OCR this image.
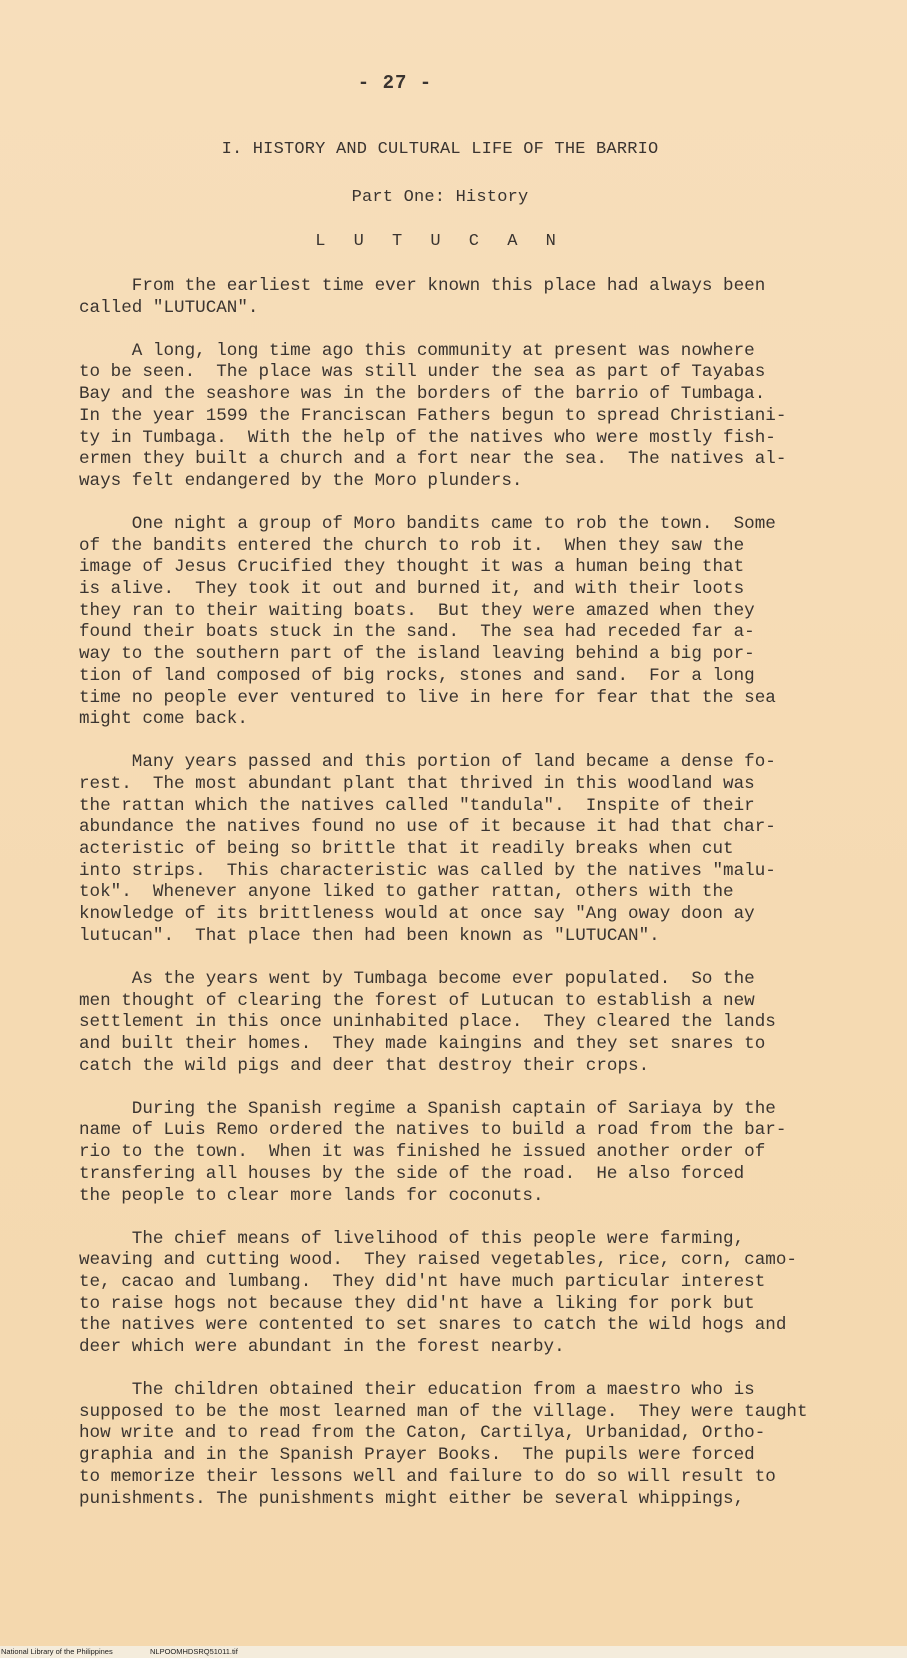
- 27 -
I. HISTORY AND CULTURAL LIFE OF THE BARRIO
Part One: History
L U T U C A N

From the earliest time ever known this place had always been
called "LUTUCAN".

A long, long time ago this community at present was nowhere
to be seen.  The place was still under the sea as part of Tayabas
Bay and the seashore was in the borders of the barrio of Tumbaga.
In the year 1599 the Franciscan Fathers begun to spread Christiani-
ty in Tumbaga.  With the help of the natives who were mostly fish-
ermen they built a church and a fort near the sea.  The natives al-
ways felt endangered by the Moro plunders.

One night a group of Moro bandits came to rob the town.  Some
of the bandits entered the church to rob it.  When they saw the
image of Jesus Crucified they thought it was a human being that
is alive.  They took it out and burned it, and with their loots
they ran to their waiting boats.  But they were amazed when they
found their boats stuck in the sand.  The sea had receded far a-
way to the southern part of the island leaving behind a big por-
tion of land composed of big rocks, stones and sand.  For a long
time no people ever ventured to live in here for fear that the sea
might come back.

Many years passed and this portion of land became a dense fo-
rest.  The most abundant plant that thrived in this woodland was
the rattan which the natives called "tandula".  Inspite of their
abundance the natives found no use of it because it had that char-
acteristic of being so brittle that it readily breaks when cut
into strips.  This characteristic was called by the natives "malu-
tok".  Whenever anyone liked to gather rattan, others with the
knowledge of its brittleness would at once say "Ang oway doon ay
lutucan".  That place then had been known as "LUTUCAN".

As the years went by Tumbaga become ever populated.  So the
men thought of clearing the forest of Lutucan to establish a new
settlement in this once uninhabited place.  They cleared the lands
and built their homes.  They made kaingins and they set snares to
catch the wild pigs and deer that destroy their crops.

During the Spanish regime a Spanish captain of Sariaya by the
name of Luis Remo ordered the natives to build a road from the bar-
rio to the town.  When it was finished he issued another order of
transfering all houses by the side of the road.  He also forced
the people to clear more lands for coconuts.

The chief means of livelihood of this people were farming,
weaving and cutting wood.  They raised vegetables, rice, corn, camo-
te, cacao and lumbang.  They did'nt have much particular interest
to raise hogs not because they did'nt have a liking for pork but
the natives were contented to set snares to catch the wild hogs and
deer which were abundant in the forest nearby.

The children obtained their education from a maestro who is
supposed to be the most learned man of the village.  They were taught
how write and to read from the Caton, Cartilya, Urbanidad, Ortho-
graphia and in the Spanish Prayer Books.  The pupils were forced
to memorize their lessons well and failure to do so will result to
punishments. The punishments might either be several whippings,

National Library of the Philippines	NLPOOMHDSRQ51011.tif
